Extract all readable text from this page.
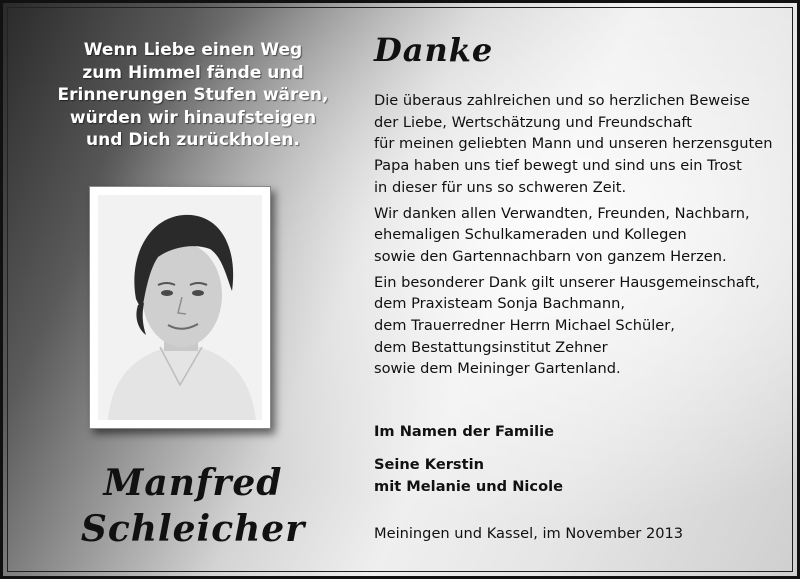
Wenn Liebe einen Weg
zum Himmel fände und
Erinnerungen Stufen wären,
würden wir hinaufsteigen
und Dich zurückholen.
Manfred
Schleicher
Danke
Die überaus zahlreichen und so herzlichen Beweise
der Liebe, Wertschätzung und Freundschaft
für meinen geliebten Mann und unseren herzensguten
Papa haben uns tief bewegt und sind uns ein Trost
in dieser für uns so schweren Zeit.
Wir danken allen Verwandten, Freunden, Nachbarn,
ehemaligen Schulkameraden und Kollegen
sowie den Gartennachbarn von ganzem Herzen.
Ein besonderer Dank gilt unserer Hausgemeinschaft,
dem Praxisteam Sonja Bachmann,
dem Trauerredner Herrn Michael Schüler,
dem Bestattungsinstitut Zehner
sowie dem Meininger Gartenland.
Im Namen der Familie
Seine Kerstin
mit Melanie und Nicole
Meiningen und Kassel, im November 2013
